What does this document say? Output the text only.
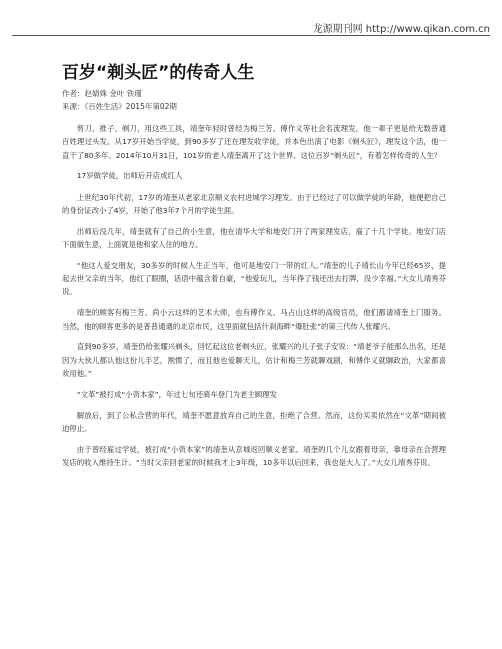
龙源期刊网 http://www.qikan.com.cn
百岁“剃头匠”的传奇人生
作者：赵婧姝 金叶 铁瑾
来源：《百姓生活》2015年第02期

剪刀、推子、剃刀，用这些工具，靖奎年轻时曾经为梅兰芳、傅作义等社会名流理发，他一辈子更是给无数普通百姓理过头发。从17岁开始当学徒，到90多岁了还在理发收学徒，并本色出演了电影《剃头匠》，理发这个活，他一直干了80多年。2014年10月31日，101岁的老人靖奎离开了这个世界。这位百岁“剃头匠”，有着怎样传奇的人生？

17岁做学徒，出师后开店成红人

上世纪30年代初，17岁的靖奎从老家北京顺义农村进城学习理发。由于已经过了可以做学徒的年龄，他便把自己的身份证改小了4岁，开始了他3年7个月的学徒生涯。

出师后没几年，靖奎就有了自己的小生意，他在清华大学和地安门开了两家理发店，雇了十几个学徒。地安门店下面做生意，上面就是他和家人住的地方。

“他这人爱交朋友，30多岁的时候人生正当年，他可是地安门一带的红人。”靖奎的儿子靖长山今年已经65岁，提起去世父亲的当年，他红了眼圈，话语中蕴含着自豪，“他爱玩儿，当年挣了钱还出去打牌，没少幸福。”大女儿靖秀芬说。

靖奎的顾客有梅兰芳、尚小云这样的艺术大师，也有傅作义、马占山这样的高级官员，他们都请靖奎上门服务。当然，他的顾客更多的是普普通通的北京市民，这里面就包括什刹海畔“爆肚张”的第三代传人张耀兴。

直到90多岁，靖奎仍给张耀兴剃头，回忆起这位老剃头匠，张耀兴的儿子张子安说：“靖老爷子能那么出名，还是因为大伙儿都认他这份儿手艺，割惯了，而且他也爱聊天儿，估计和梅兰芳就聊戏剧，和傅作义就聊政治，大家都喜欢用他。”

“文革”被打成“小资本家”，年过七旬还骑车登门为老主顾理发

解放后，到了公私合营的年代，靖奎不愿意放弃自己的生意，拒绝了合营。然而，这份买卖依然在“文革”期间被迫停止。

由于曾经雇过学徒，被打成“小资本家”的靖奎从京城返回顺义老家。靖奎的几个儿女跟着母亲，靠母亲在合营理发店的收入维持生计。“当时父亲回老家的时候我才上3年级，10多年以后回来，我也是大人了。”大女儿靖秀芬说。
